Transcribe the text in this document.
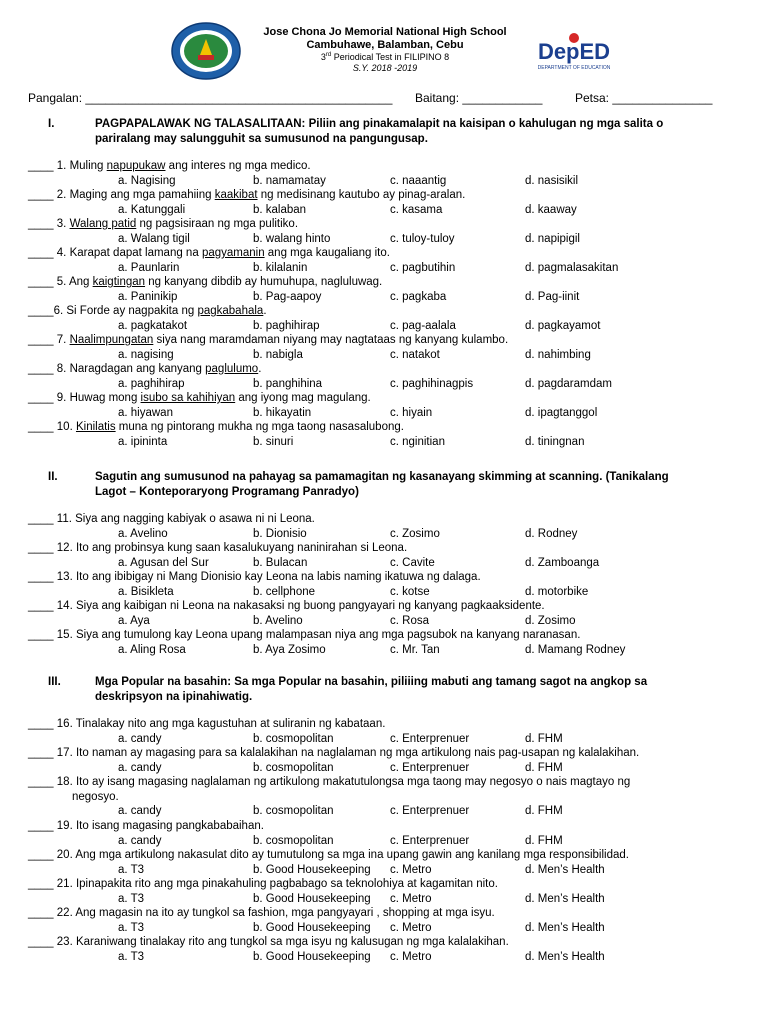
Jose Chona Jo Memorial National High School
Cambuhawe, Balamban, Cebu
3rd Periodical Test in FILIPINO 8
S.Y. 2018 -2019
DepED
DEPARTMENT OF EDUCATION
Pangalan: ______________________________________________ Baitang: ____________	Petsa: _______________
I.	PAGPAPALAWAK NG TALASALITAAN: Piliin ang pinakamalapit na kaisipan o kahulugan ng mga salita o pariralang may salungguhit sa sumusunod na pangungusap.
II.	Sagutin ang sumusunod na pahayag sa pamamagitan ng kasanayang skimming at scanning. (Tanikalang Lagot – Konteporaryong Programang Panradyo)
III.	Mga Popular na basahin: Sa mga Popular na basahin, piliiing mabuti ang tamang sagot na angkop sa deskripsyon na ipinahiwatig.
____ 1. Muling napupukaw ang interes ng mga medico.
a. Nagising	b. namamatay	c. naaantig	d. nasisikil
____ 2. Maging ang mga pamahiing kaakibat ng medisinang kautubo ay pinag-aralan.
a. Katunggali	b. kalaban	c. kasama	d. kaaway
____ 3. Walang patid ng pagsisiraan ng mga pulitiko.
a. Walang tigil	b. walang hinto	c. tuloy-tuloy	d. napipigil
____ 4. Karapat dapat lamang na pagyamanin ang mga kaugaliang ito.
a. Paunlarin	b. kilalanin	c. pagbutihin	d. pagmalasakitan
____ 5. Ang kaigtingan ng kanyang dibdib ay humuhupa, nagluluwag.
a. Paninikip	b. Pag-aapoy	c. pagkaba	d. Pag-iinit
____6. Si Forde ay nagpakita ng pagkabahala.
a. pagkatakot	b. paghihirap	c. pag-aalala	d. pagkayamot
____ 7. Naalimpungatan siya nang maramdaman niyang may nagtataas ng kanyang kulambo.
a. nagising	b. nabigla	c. natakot	d. nahimbing
____ 8. Naragdagan ang kanyang paglulumo.
a. paghihirap	b. panghihina	c. paghihinagpis	d. pagdaramdam
____ 9. Huwag mong isubo sa kahihiyan ang iyong mag magulang.
a. hiyawan	b. hikayatin	c. hiyain	d. ipagtanggol
____ 10. Kinilatis muna ng pintorang mukha ng mga taong nasasalubong.
a. ipininta	b. sinuri	c. nginitian	d. tiningnan
____ 11. Siya ang nagging kabiyak o asawa ni ni Leona.
a. Avelino	b. Dionisio	c. Zosimo	d. Rodney
____ 12. Ito ang probinsya kung saan kasalukuyang naninirahan si Leona.
a. Agusan del Sur	b. Bulacan	c. Cavite	d. Zamboanga
____ 13. Ito ang ibibigay ni Mang Dionisio kay Leona na labis naming ikatuwa ng dalaga.
a. Bisikleta	b. cellphone	c. kotse	d. motorbike
____ 14. Siya ang kaibigan ni Leona na nakasaksi ng buong pangyayari ng kanyang pagkaaksidente.
a. Aya	b. Avelino	c. Rosa	d. Zosimo
____ 15. Siya ang tumulong kay Leona upang malampasan niya ang mga pagsubok na kanyang naranasan.
a. Aling Rosa	b. Aya Zosimo	c. Mr. Tan	d. Mamang Rodney
____ 16. Tinalakay nito ang mga kagustuhan at suliranin ng kabataan.
a. candy	b. cosmopolitan	c. Enterprenuer	d. FHM
____ 17. Ito naman ay magasing para sa kalalakihan na naglalaman ng mga artikulong nais pag-usapan ng kalalakihan.
a. candy	b. cosmopolitan	c. Enterprenuer	d. FHM
____ 18. Ito ay isang magasing naglalaman ng artikulong makatutulongsa mga taong may negosyo o nais magtayo ng
negosyo.
a. candy	b. cosmopolitan	c. Enterprenuer	d. FHM
____ 19. Ito isang magasing pangkababaihan.
a. candy	b. cosmopolitan	c. Enterprenuer	d. FHM
____ 20. Ang mga artikulong nakasulat dito ay tumutulong sa mga ina upang gawin ang kanilang mga responsibilidad.
a. T3	b. Good Housekeeping c. Metro	d. Men’s Health
____ 21. Ipinapakita rito ang mga pinakahuling pagbabago sa teknolohiya at kagamitan nito.
a. T3	b. Good Housekeeping c. Metro	d. Men’s Health
____ 22. Ang magasin na ito ay tungkol sa fashion, mga pangyayari , shopping at mga isyu.
a. T3	b. Good Housekeeping c. Metro	d. Men’s Health
____ 23. Karaniwang tinalakay rito ang tungkol sa mga isyu ng kalusugan ng mga kalalakihan.
a. T3	b. Good Housekeeping c. Metro	d. Men’s Health
